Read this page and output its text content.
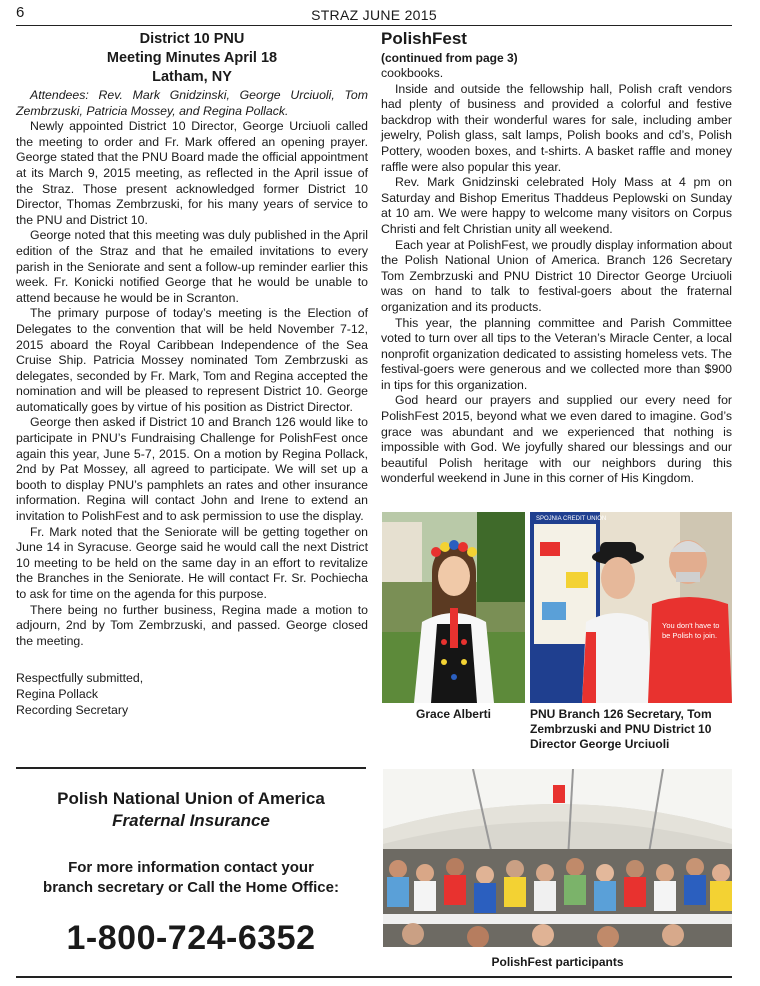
6	STRAZ JUNE 2015
District 10 PNU
Meeting Minutes April 18
Latham, NY

Attendees: Rev. Mark Gnidzinski, George Urciuoli, Tom Zembrzuski, Patricia Mossey, and Regina Pollack.

Newly appointed District 10 Director, George Urciuoli called the meeting to order and Fr. Mark offered an opening prayer. George stated that the PNU Board made the official appointment at its March 9, 2015 meeting, as reflected in the April issue of the Straz. Those present acknowledged former District 10 Director, Thomas Zembrzuski, for his many years of service to the PNU and District 10.

George noted that this meeting was duly published in the April edition of the Straz and that he emailed invitations to every parish in the Seniorate and sent a follow-up reminder earlier this week. Fr. Konicki notified George that he would be unable to attend because he would be in Scranton.

The primary purpose of today’s meeting is the Election of Delegates to the convention that will be held November 7-12, 2015 aboard the Royal Caribbean Independence of the Sea Cruise Ship. Patricia Mossey nominated Tom Zembrzuski as delegates, seconded by Fr. Mark, Tom and Regina accepted the nomination and will be pleased to represent District 10. George automatically goes by virtue of his position as District Director.

George then asked if District 10 and Branch 126 would like to participate in PNU’s Fundraising Challenge for PolishFest once again this year, June 5-7, 2015. On a motion by Regina Pollack, 2nd by Pat Mossey, all agreed to participate. We will set up a booth to display PNU’s pamphlets an rates and other insurance information. Regina will contact John and Irene to extend an invitation to PolishFest and to ask permission to use the display.

Fr. Mark noted that the Seniorate will be getting together on June 14 in Syracuse. George said he would call the next District 10 meeting to be held on the same day in an effort to revitalize the Branches in the Seniorate. He will contact Fr. Sr. Pochiecha to ask for time on the agenda for this purpose.

There being no further business, Regina made a motion to adjourn, 2nd by Tom Zembrzuski, and passed. George closed the meeting.

Respectfully submitted,
Regina Pollack
Recording Secretary
PolishFest
(continued from page 3)

cookbooks.

Inside and outside the fellowship hall, Polish craft vendors had plenty of business and provided a colorful and festive backdrop with their wonderful wares for sale, including amber jewelry, Polish glass, salt lamps, Polish books and cd’s, Polish Pottery, wooden boxes, and t-shirts. A basket raffle and money raffle were also popular this year.

Rev. Mark Gnidzinski celebrated Holy Mass at 4 pm on Saturday and Bishop Emeritus Thaddeus Peplowski on Sunday at 10 am. We were happy to welcome many visitors on Corpus Christi and felt Christian unity all weekend.

Each year at PolishFest, we proudly display information about the Polish National Union of America. Branch 126 Secretary Tom Zembrzuski and PNU District 10 Director George Urciuoli was on hand to talk to festival-goers about the fraternal organization and its products.

This year, the planning committee and Parish Committee voted to turn over all tips to the Veteran’s Miracle Center, a local nonprofit organization dedicated to assisting homeless vets. The festival-goers were generous and we collected more than $900 in tips for this organization.

God heard our prayers and supplied our every need for PolishFest 2015, beyond what we even dared to imagine. God’s grace was abundant and we experienced that nothing is impossible with God. We joyfully shared our blessings and our beautiful Polish heritage with our neighbors during this wonderful weekend in June in this corner of His Kingdom.

Grace Alberti
SPOJNIA CREDIT UNION
You don't have to
be Polish to join.
PNU Branch 126 Secretary, Tom
Zembrzuski and PNU District 10
Director George Urciuoli
Polish National Union of America
Fraternal Insurance
For more information contact your
branch secretary or Call the Home Office:
1-800-724-6352
PolishFest participants
